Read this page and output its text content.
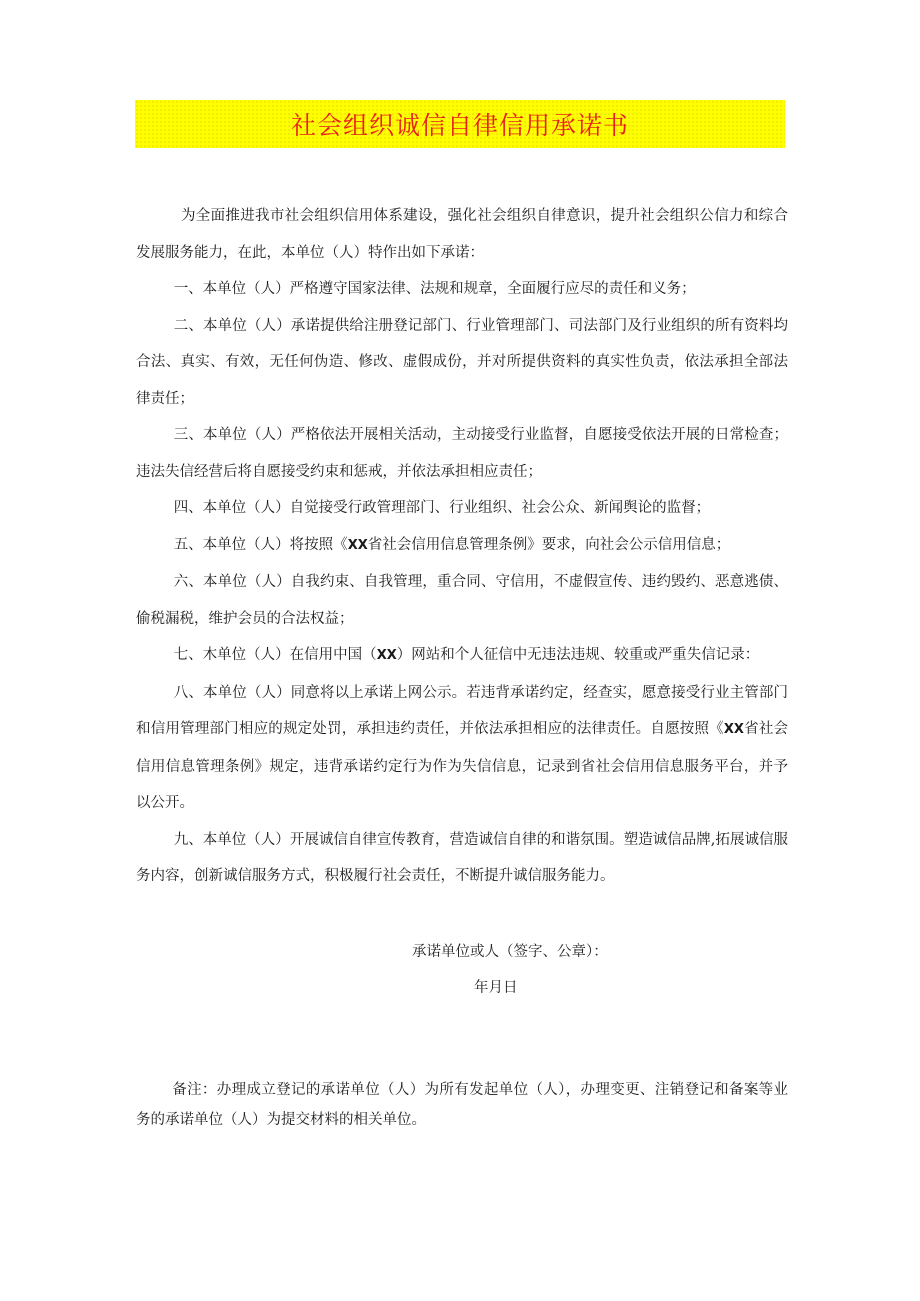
社会组织诚信自律信用承诺书

为全面推进我市社会组织信用体系建设，强化社会组织自律意识，提升社会组织公信力和综合发展服务能力，在此，本单位（人）特作出如下承诺：

一、本单位（人）严格遵守国家法律、法规和规章，全面履行应尽的责任和义务；

二、本单位（人）承诺提供给注册登记部门、行业管理部门、司法部门及行业组织的所有资料均合法、真实、有效，无任何伪造、修改、虚假成份，并对所提供资料的真实性负责，依法承担全部法律责任；

三、本单位（人）严格依法开展相关活动，主动接受行业监督，自愿接受依法开展的日常检查；违法失信经营后将自愿接受约束和惩戒，并依法承担相应责任；

四、本单位（人）自觉接受行政管理部门、行业组织、社会公众、新闻舆论的监督；

五、本单位（人）将按照《XX省社会信用信息管理条例》要求，向社会公示信用信息；

六、本单位（人）自我约束、自我管理，重合同、守信用，不虚假宣传、违约毁约、恶意逃债、偷税漏税，维护会员的合法权益；

七、木单位（人）在信用中国（XX）网站和个人征信中无违法违规、较重或严重失信记录：

八、本单位（人）同意将以上承诺上网公示。若违背承诺约定，经查实，愿意接受行业主管部门和信用管理部门相应的规定处罚，承担违约责任，并依法承担相应的法律责任。自愿按照《XX省社会信用信息管理条例》规定，违背承诺约定行为作为失信信息，记录到省社会信用信息服务平台，并予以公开。

九、本单位（人）开展诚信自律宣传教育，营造诚信自律的和谐氛围。塑造诚信品牌,拓展诚信服务内容，创新诚信服务方式，积极履行社会责任，不断提升诚信服务能力。

承诺单位或人（签字、公章）：
年月日

备注：办理成立登记的承诺单位（人）为所有发起单位（人），办理变更、注销登记和备案等业务的承诺单位（人）为提交材料的相关单位。
